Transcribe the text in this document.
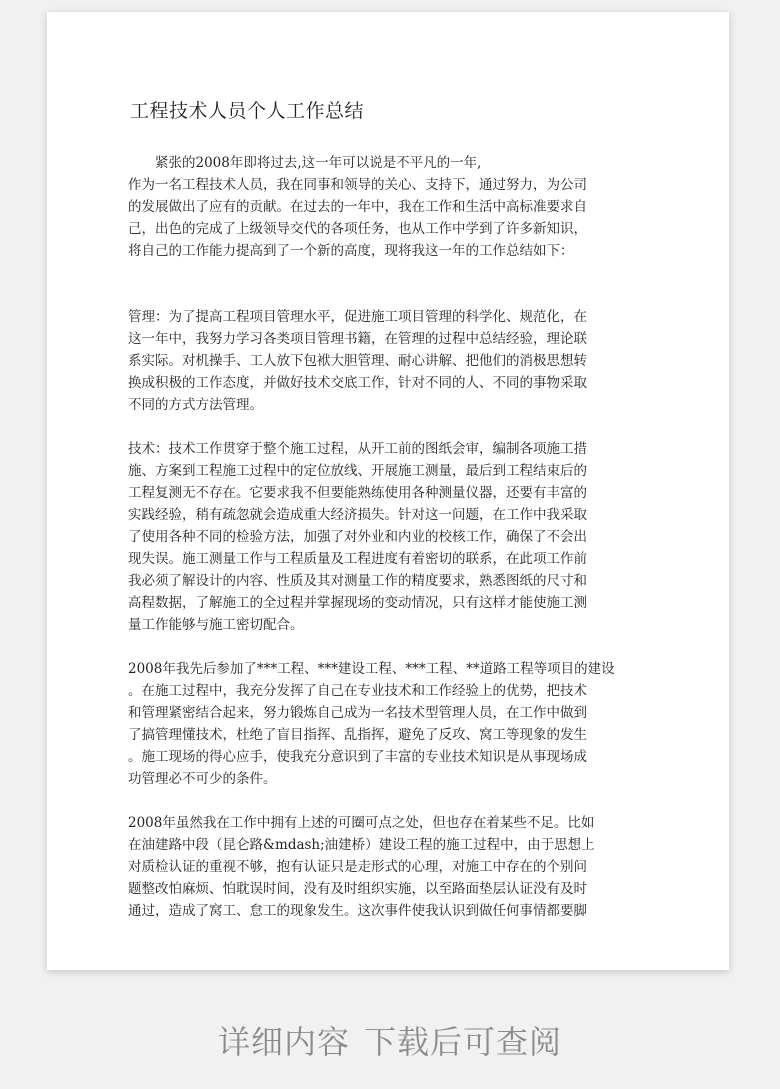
工程技术人员个人工作总结

紧张的2008年即将过去,这一年可以说是不平凡的一年,
作为一名工程技术人员，我在同事和领导的关心、支持下，通过努力，为公司
的发展做出了应有的贡献。在过去的一年中，我在工作和生活中高标准要求自
己，出色的完成了上级领导交代的各项任务，也从工作中学到了许多新知识，
将自己的工作能力提高到了一个新的高度，现将我这一年的工作总结如下：

管理：为了提高工程项目管理水平，促进施工项目管理的科学化、规范化，在
这一年中，我努力学习各类项目管理书籍，在管理的过程中总结经验，理论联
系实际。对机操手、工人放下包袱大胆管理、耐心讲解、把他们的消极思想转
换成积极的工作态度，并做好技术交底工作，针对不同的人、不同的事物采取
不同的方式方法管理。

技术：技术工作贯穿于整个施工过程，从开工前的图纸会审，编制各项施工措
施、方案到工程施工过程中的定位放线、开展施工测量，最后到工程结束后的
工程复测无不存在。它要求我不但要能熟练使用各种测量仪器，还要有丰富的
实践经验，稍有疏忽就会造成重大经济损失。针对这一问题，在工作中我采取
了使用各种不同的检验方法，加强了对外业和内业的校核工作，确保了不会出
现失误。施工测量工作与工程质量及工程进度有着密切的联系，在此项工作前
我必须了解设计的内容、性质及其对测量工作的精度要求，熟悉图纸的尺寸和
高程数据，了解施工的全过程并掌握现场的变动情况，只有这样才能使施工测
量工作能够与施工密切配合。

2008年我先后参加了***工程、***建设工程、***工程、**道路工程等项目的建设
。在施工过程中，我充分发挥了自己在专业技术和工作经验上的优势，把技术
和管理紧密结合起来，努力锻炼自己成为一名技术型管理人员，在工作中做到
了搞管理懂技术，杜绝了盲目指挥、乱指挥，避免了反攻、窝工等现象的发生
。施工现场的得心应手，使我充分意识到了丰富的专业技术知识是从事现场成
功管理必不可少的条件。

2008年虽然我在工作中拥有上述的可圈可点之处，但也存在着某些不足。比如
在油建路中段（昆仑路&mdash;油建桥）建设工程的施工过程中，由于思想上
对质检认证的重视不够，抱有认证只是走形式的心理，对施工中存在的个别问
题整改怕麻烦、怕耽误时间，没有及时组织实施，以至路面垫层认证没有及时
通过，造成了窝工、怠工的现象发生。这次事件使我认识到做任何事情都要脚

详细内容 下载后可查阅
